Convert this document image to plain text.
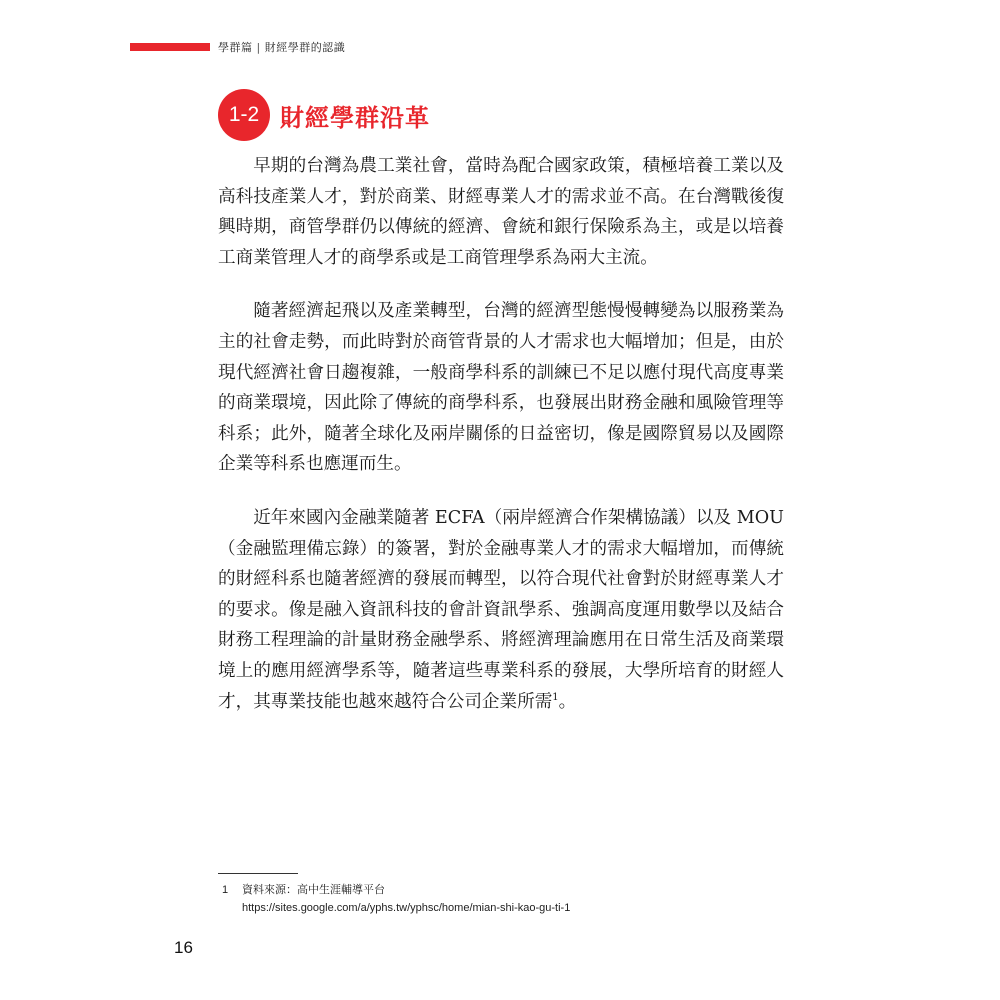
學群篇 | 財經學群的認識
1-2 財經學群沿革

早期的台灣為農工業社會，當時為配合國家政策，積極培養工業以及高科技產業人才，對於商業、財經專業人才的需求並不高。在台灣戰後復興時期，商管學群仍以傳統的經濟、會統和銀行保險系為主，或是以培養工商業管理人才的商學系或是工商管理學系為兩大主流。

隨著經濟起飛以及產業轉型，台灣的經濟型態慢慢轉變為以服務業為主的社會走勢，而此時對於商管背景的人才需求也大幅增加；但是，由於現代經濟社會日趨複雜，一般商學科系的訓練已不足以應付現代高度專業的商業環境，因此除了傳統的商學科系，也發展出財務金融和風險管理等科系；此外，隨著全球化及兩岸關係的日益密切，像是國際貿易以及國際企業等科系也應運而生。

近年來國內金融業隨著 ECFA（兩岸經濟合作架構協議）以及 MOU（金融監理備忘錄）的簽署，對於金融專業人才的需求大幅增加，而傳統的財經科系也隨著經濟的發展而轉型，以符合現代社會對於財經專業人才的要求。像是融入資訊科技的會計資訊學系、強調高度運用數學以及結合財務工程理論的計量財務金融學系、將經濟理論應用在日常生活及商業環境上的應用經濟學系等，隨著這些專業科系的發展，大學所培育的財經人才，其專業技能也越來越符合公司企業所需$^1$。

1 資料來源：高中生涯輔導平台
https://sites.google.com/a/yphs.tw/yphsc/home/mian-shi-kao-gu-ti-1
16
